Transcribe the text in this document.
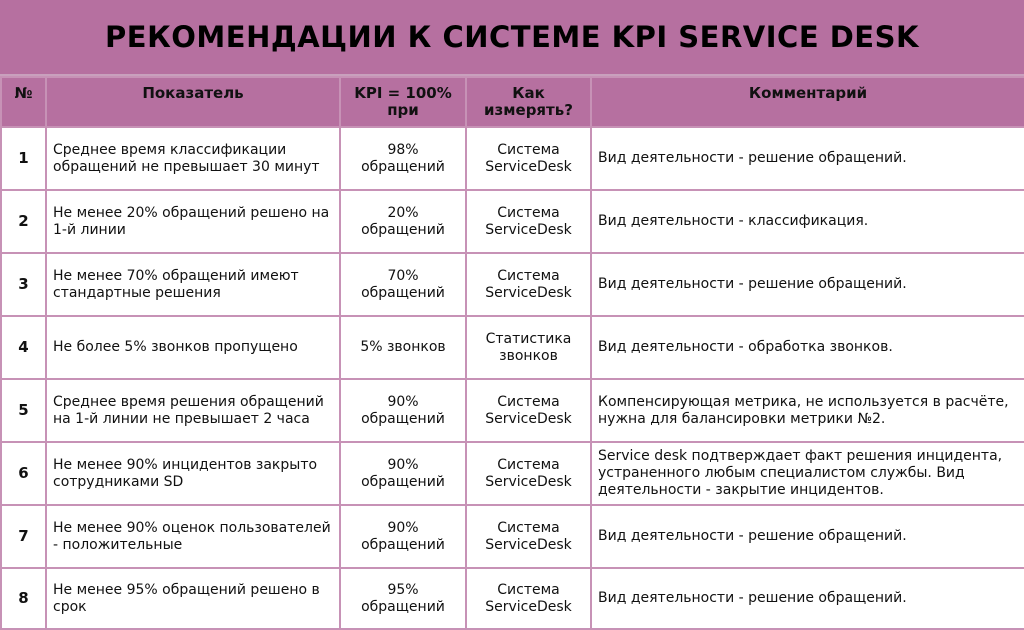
РЕКОМЕНДАЦИИ К СИСТЕМЕ KPI SERVICE DESK
№	Показатель	KPI = 100% при	Как измерять?	Комментарий
1	Среднее время классификации обращений не превышает 30 минут	98% обращений	Система ServiceDesk	Вид деятельности - решение обращений.
2	Не менее 20% обращений решено на 1-й линии	20% обращений	Система ServiceDesk	Вид деятельности - классификация.
3	Не менее 70% обращений имеют стандартные решения	70% обращений	Система ServiceDesk	Вид деятельности - решение обращений.
4	Не более 5% звонков пропущено	5% звонков	Статистика звонков	Вид деятельности - обработка звонков.
5	Среднее время решения обращений на 1-й линии не превышает 2 часа	90% обращений	Система ServiceDesk	Компенсирующая метрика, не используется в расчёте, нужна для балансировки метрики №2.
6	Не менее 90% инцидентов закрыто сотрудниками SD	90% обращений	Система ServiceDesk	Service desk подтверждает факт решения инцидента, устраненного любым специалистом службы. Вид деятельности - закрытие инцидентов.
7	Не менее 90% оценок пользователей - положительные	90% обращений	Система ServiceDesk	Вид деятельности - решение обращений.
8	Не менее 95% обращений решено в срок	95% обращений	Система ServiceDesk	Вид деятельности - решение обращений.
